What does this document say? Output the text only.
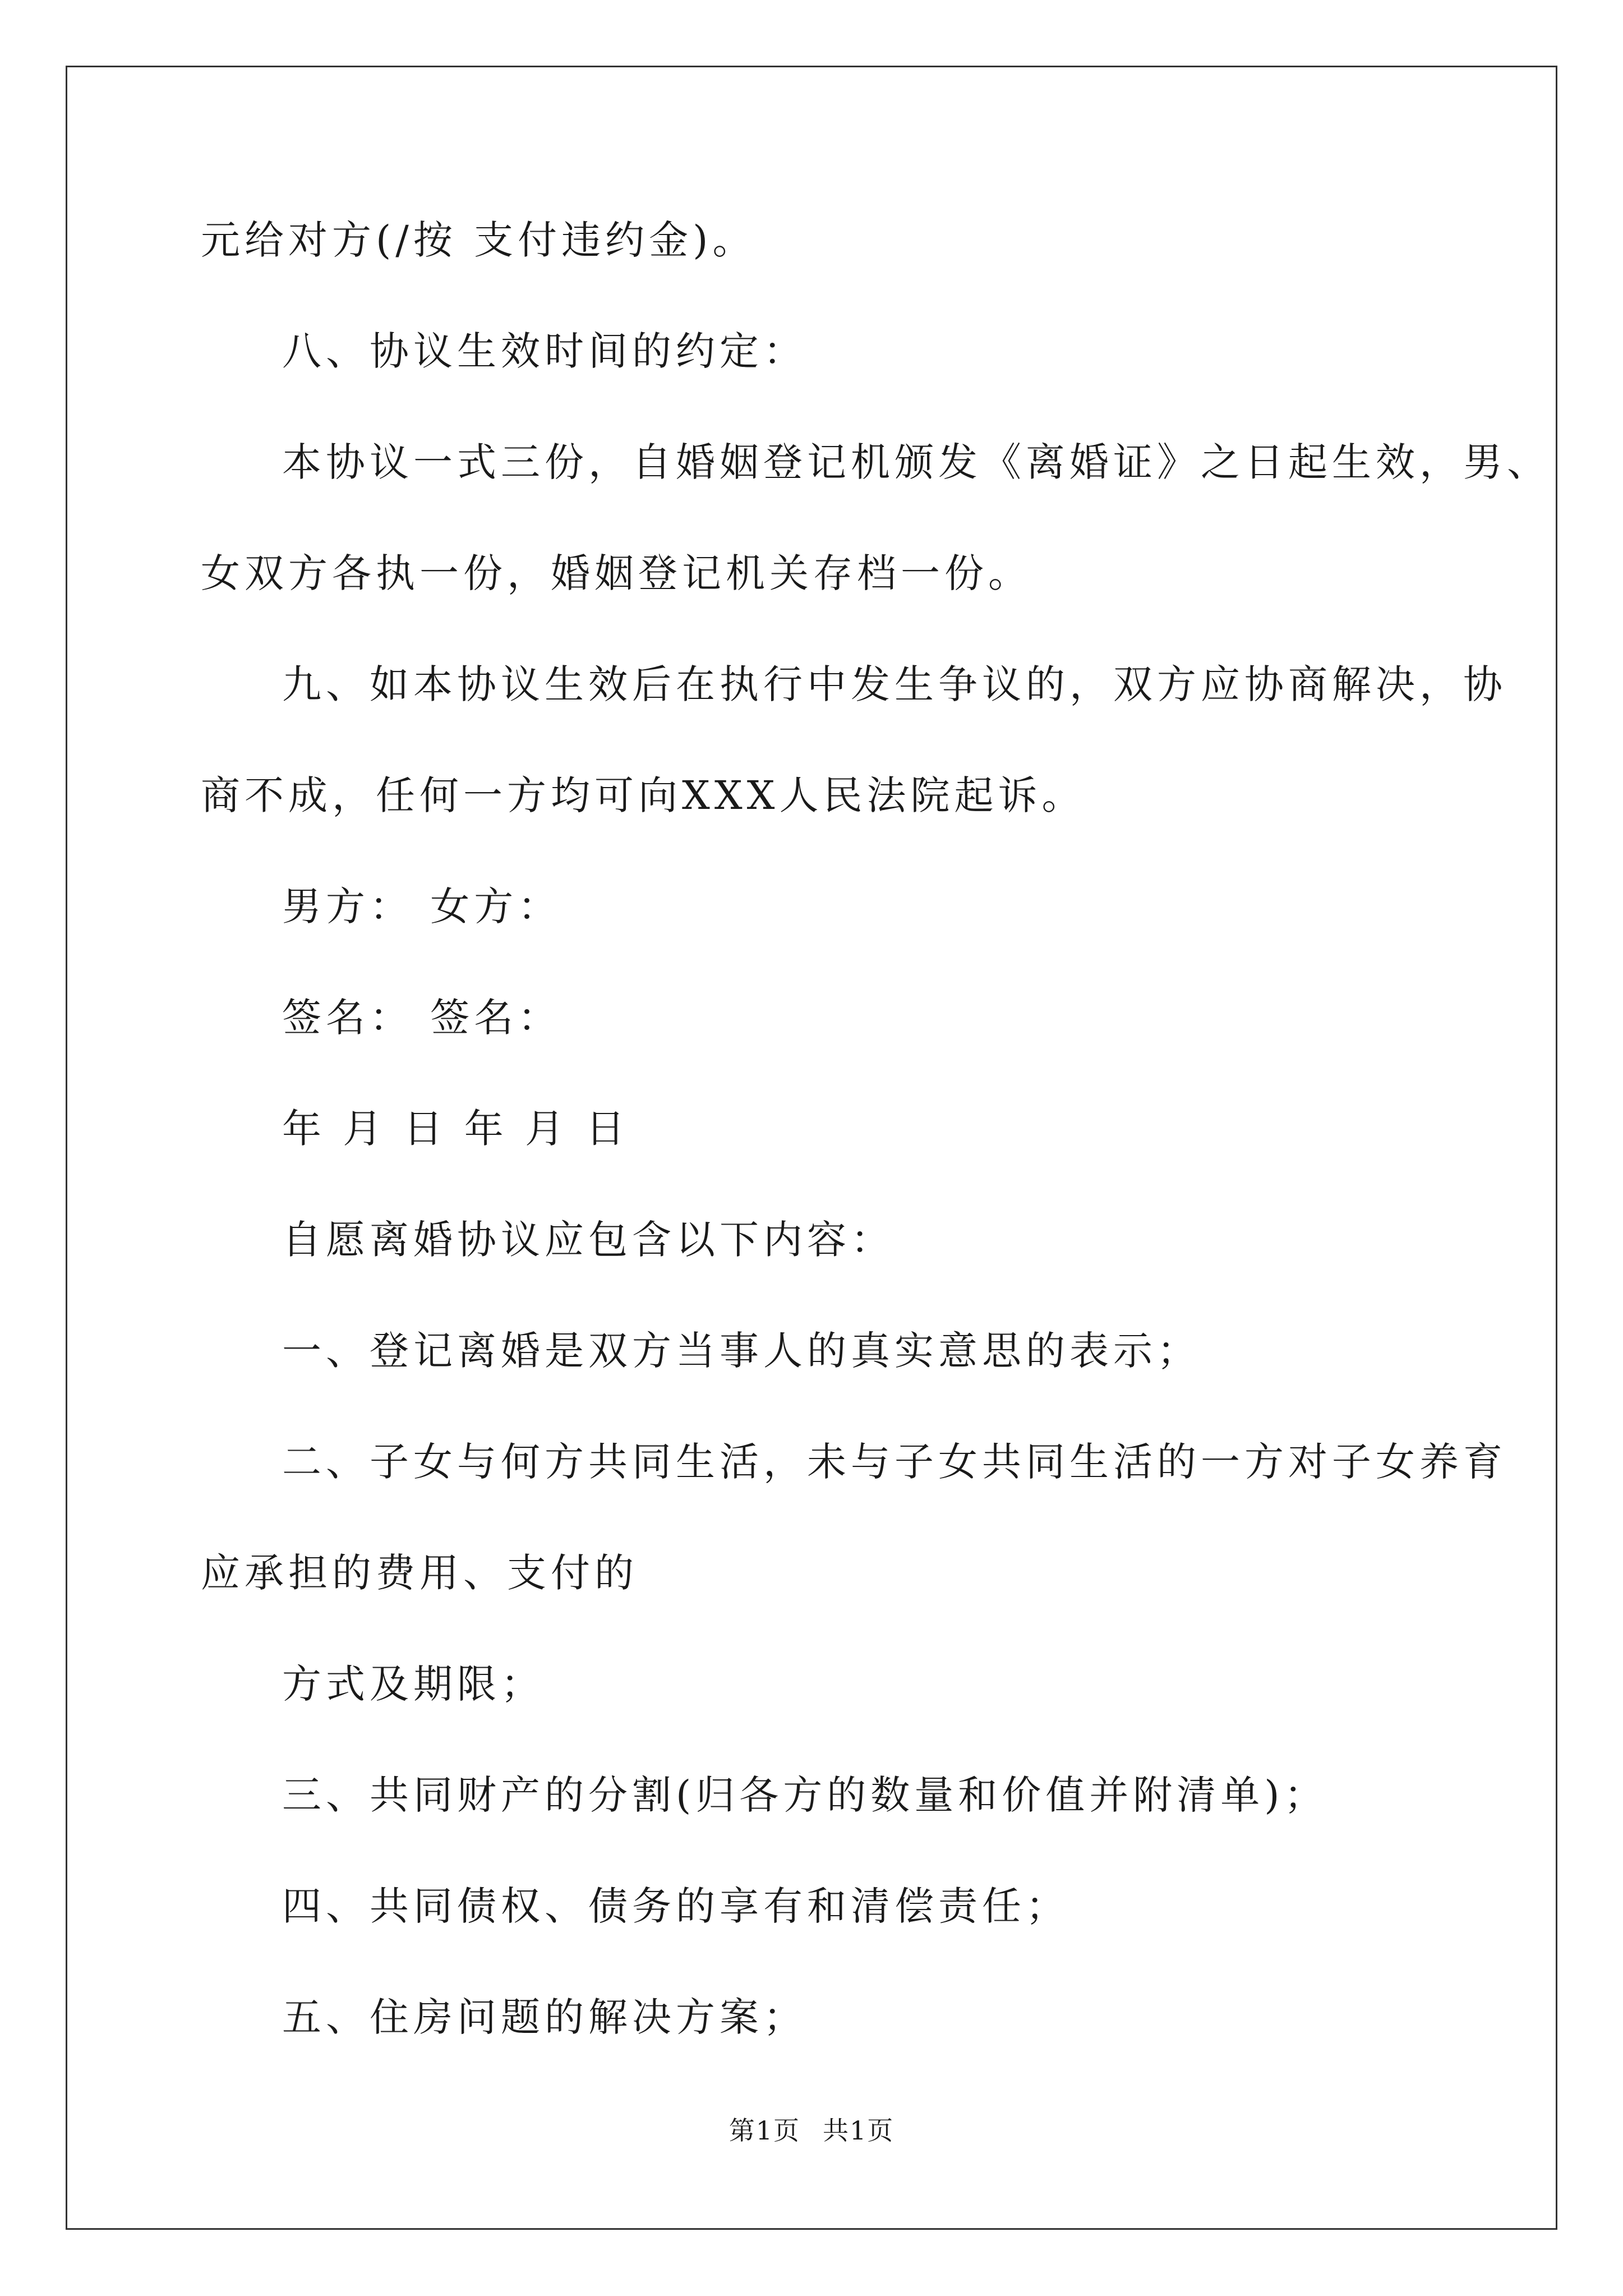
元给对方(/按 支付违约金)。
八、协议生效时间的约定：
本协议一式三份，自婚姻登记机颁发《离婚证》之日起生效，男、
女双方各执一份，婚姻登记机关存档一份。
九、如本协议生效后在执行中发生争议的，双方应协商解决，协
商不成，任何一方均可向XXX人民法院起诉。
男方： 女方：
签名： 签名：
年 月 日 年 月 日
自愿离婚协议应包含以下内容：
一、登记离婚是双方当事人的真实意思的表示；
二、子女与何方共同生活，未与子女共同生活的一方对子女养育
应承担的费用、支付的
方式及期限；
三、共同财产的分割(归各方的数量和价值并附清单)；
四、共同债权、债务的享有和清偿责任；
五、住房问题的解决方案；
第1页 共1页
